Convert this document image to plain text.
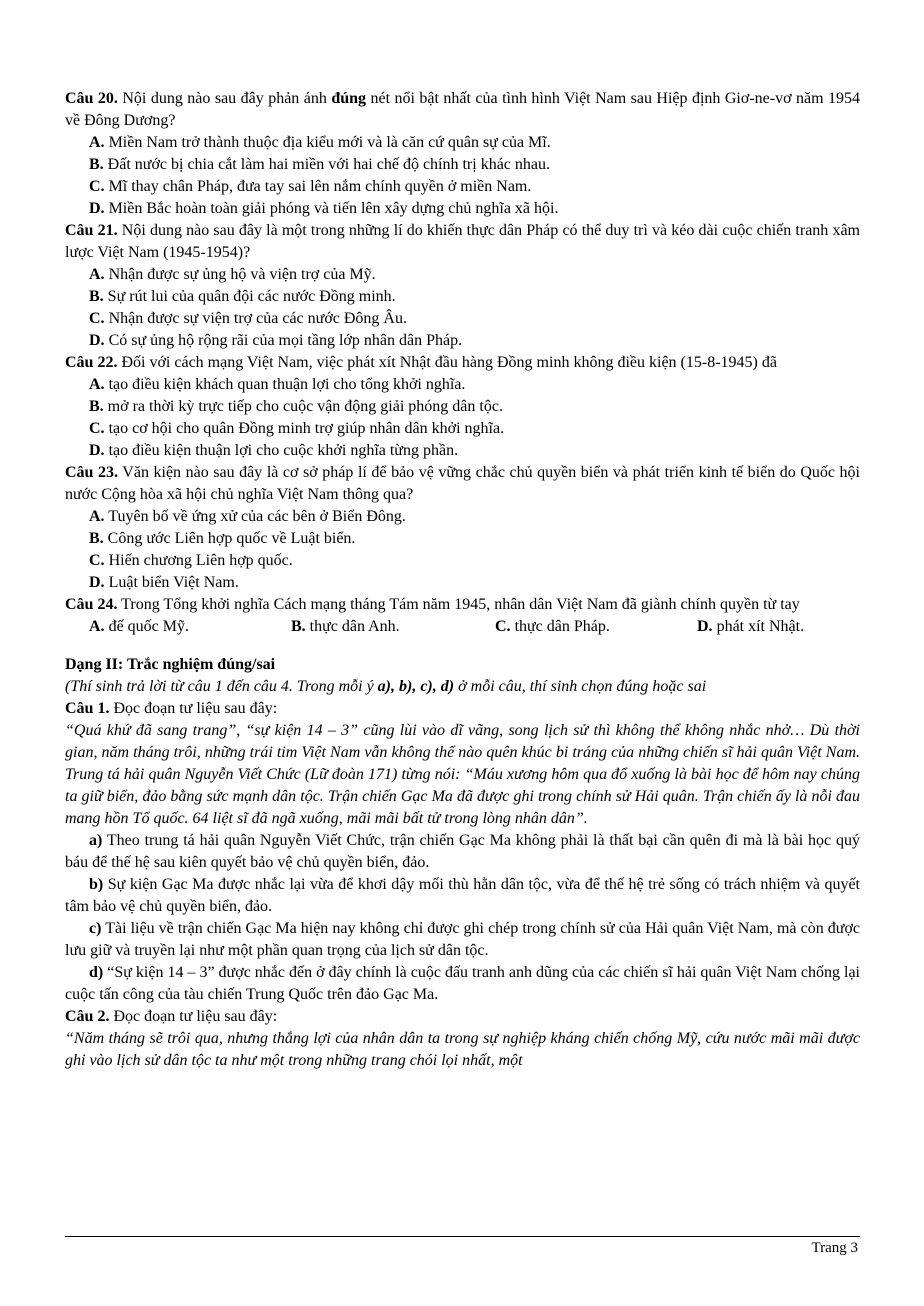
Câu 20. Nội dung nào sau đây phản ánh đúng nét nổi bật nhất của tình hình Việt Nam sau Hiệp định Giơ-ne-vơ năm 1954 về Đông Dương?
A. Miền Nam trở thành thuộc địa kiểu mới và là căn cứ quân sự của Mĩ.
B. Đất nước bị chia cắt làm hai miền với hai chế độ chính trị khác nhau.
C. Mĩ thay chân Pháp, đưa tay sai lên nắm chính quyền ở miền Nam.
D. Miền Bắc hoàn toàn giải phóng và tiến lên xây dựng chủ nghĩa xã hội.
Câu 21. Nội dung nào sau đây là một trong những lí do khiến thực dân Pháp có thể duy trì và kéo dài cuộc chiến tranh xâm lược Việt Nam (1945-1954)?
A. Nhận được sự ủng hộ và viện trợ của Mỹ.
B. Sự rút lui của quân đội các nước Đồng minh.
C. Nhận được sự viện trợ của các nước Đông Âu.
D. Có sự ủng hộ rộng rãi của mọi tầng lớp nhân dân Pháp.
Câu 22. Đối với cách mạng Việt Nam, việc phát xít Nhật đầu hàng Đồng minh không điều kiện (15-8-1945) đã
A. tạo điều kiện khách quan thuận lợi cho tổng khởi nghĩa.
B. mở ra thời kỳ trực tiếp cho cuộc vận động giải phóng dân tộc.
C. tạo cơ hội cho quân Đồng minh trợ giúp nhân dân khởi nghĩa.
D. tạo điều kiện thuận lợi cho cuộc khởi nghĩa từng phần.
Câu 23. Văn kiện nào sau đây là cơ sở pháp lí để bảo vệ vững chắc chủ quyền biển và phát triển kinh tế biển do Quốc hội nước Cộng hòa xã hội chủ nghĩa Việt Nam thông qua?
A. Tuyên bố về ứng xử của các bên ở Biển Đông.
B. Công ước Liên hợp quốc về Luật biển.
C. Hiến chương Liên hợp quốc.
D. Luật biển Việt Nam.
Câu 24. Trong Tổng khởi nghĩa Cách mạng tháng Tám năm 1945, nhân dân Việt Nam đã giành chính quyền từ tay
A. đế quốc Mỹ.	B. thực dân Anh.	C. thực dân Pháp.	D. phát xít Nhật.
Dạng II: Trắc nghiệm đúng/sai
(Thí sinh trả lời từ câu 1 đến câu 4. Trong mỗi ý a), b), c), d) ở mỗi câu, thí sinh chọn đúng hoặc sai
Câu 1. Đọc đoạn tư liệu sau đây:
“Quá khứ đã sang trang”, “sự kiện 14 – 3” cũng lùi vào dĩ vãng, song lịch sử thì không thể không nhắc nhở… Dù thời gian, năm tháng trôi, những trái tim Việt Nam vẫn không thể nào quên khúc bi tráng của những chiến sĩ hải quân Việt Nam. Trung tá hải quân Nguyễn Viết Chức (Lữ đoàn 171) từng nói: “Máu xương hôm qua đổ xuống là bài học để hôm nay chúng ta giữ biển, đảo bằng sức mạnh dân tộc. Trận chiến Gạc Ma đã được ghi trong chính sử Hải quân. Trận chiến ấy là nỗi đau mang hồn Tổ quốc. 64 liệt sĩ đã ngã xuống, mãi mãi bất tử trong lòng nhân dân”.
a) Theo trung tá hải quân Nguyễn Viết Chức, trận chiến Gạc Ma không phải là thất bại cần quên đi mà là bài học quý báu để thế hệ sau kiên quyết bảo vệ chủ quyền biển, đảo.
b) Sự kiện Gạc Ma được nhắc lại vừa để khơi dậy mối thù hằn dân tộc, vừa để thế hệ trẻ sống có trách nhiệm và quyết tâm bảo vệ chủ quyền biển, đảo.
c) Tài liệu về trận chiến Gạc Ma hiện nay không chỉ được ghi chép trong chính sử của Hải quân Việt Nam, mà còn được lưu giữ và truyền lại như một phần quan trọng của lịch sử dân tộc.
d) “Sự kiện 14 – 3” được nhắc đến ở đây chính là cuộc đấu tranh anh dũng của các chiến sĩ hải quân Việt Nam chống lại cuộc tấn công của tàu chiến Trung Quốc trên đảo Gạc Ma.
Câu 2. Đọc đoạn tư liệu sau đây:
“Năm tháng sẽ trôi qua, nhưng thắng lợi của nhân dân ta trong sự nghiệp kháng chiến chống Mỹ, cứu nước mãi mãi được ghi vào lịch sử dân tộc ta như một trong những trang chói lọi nhất, một
Trang 3
